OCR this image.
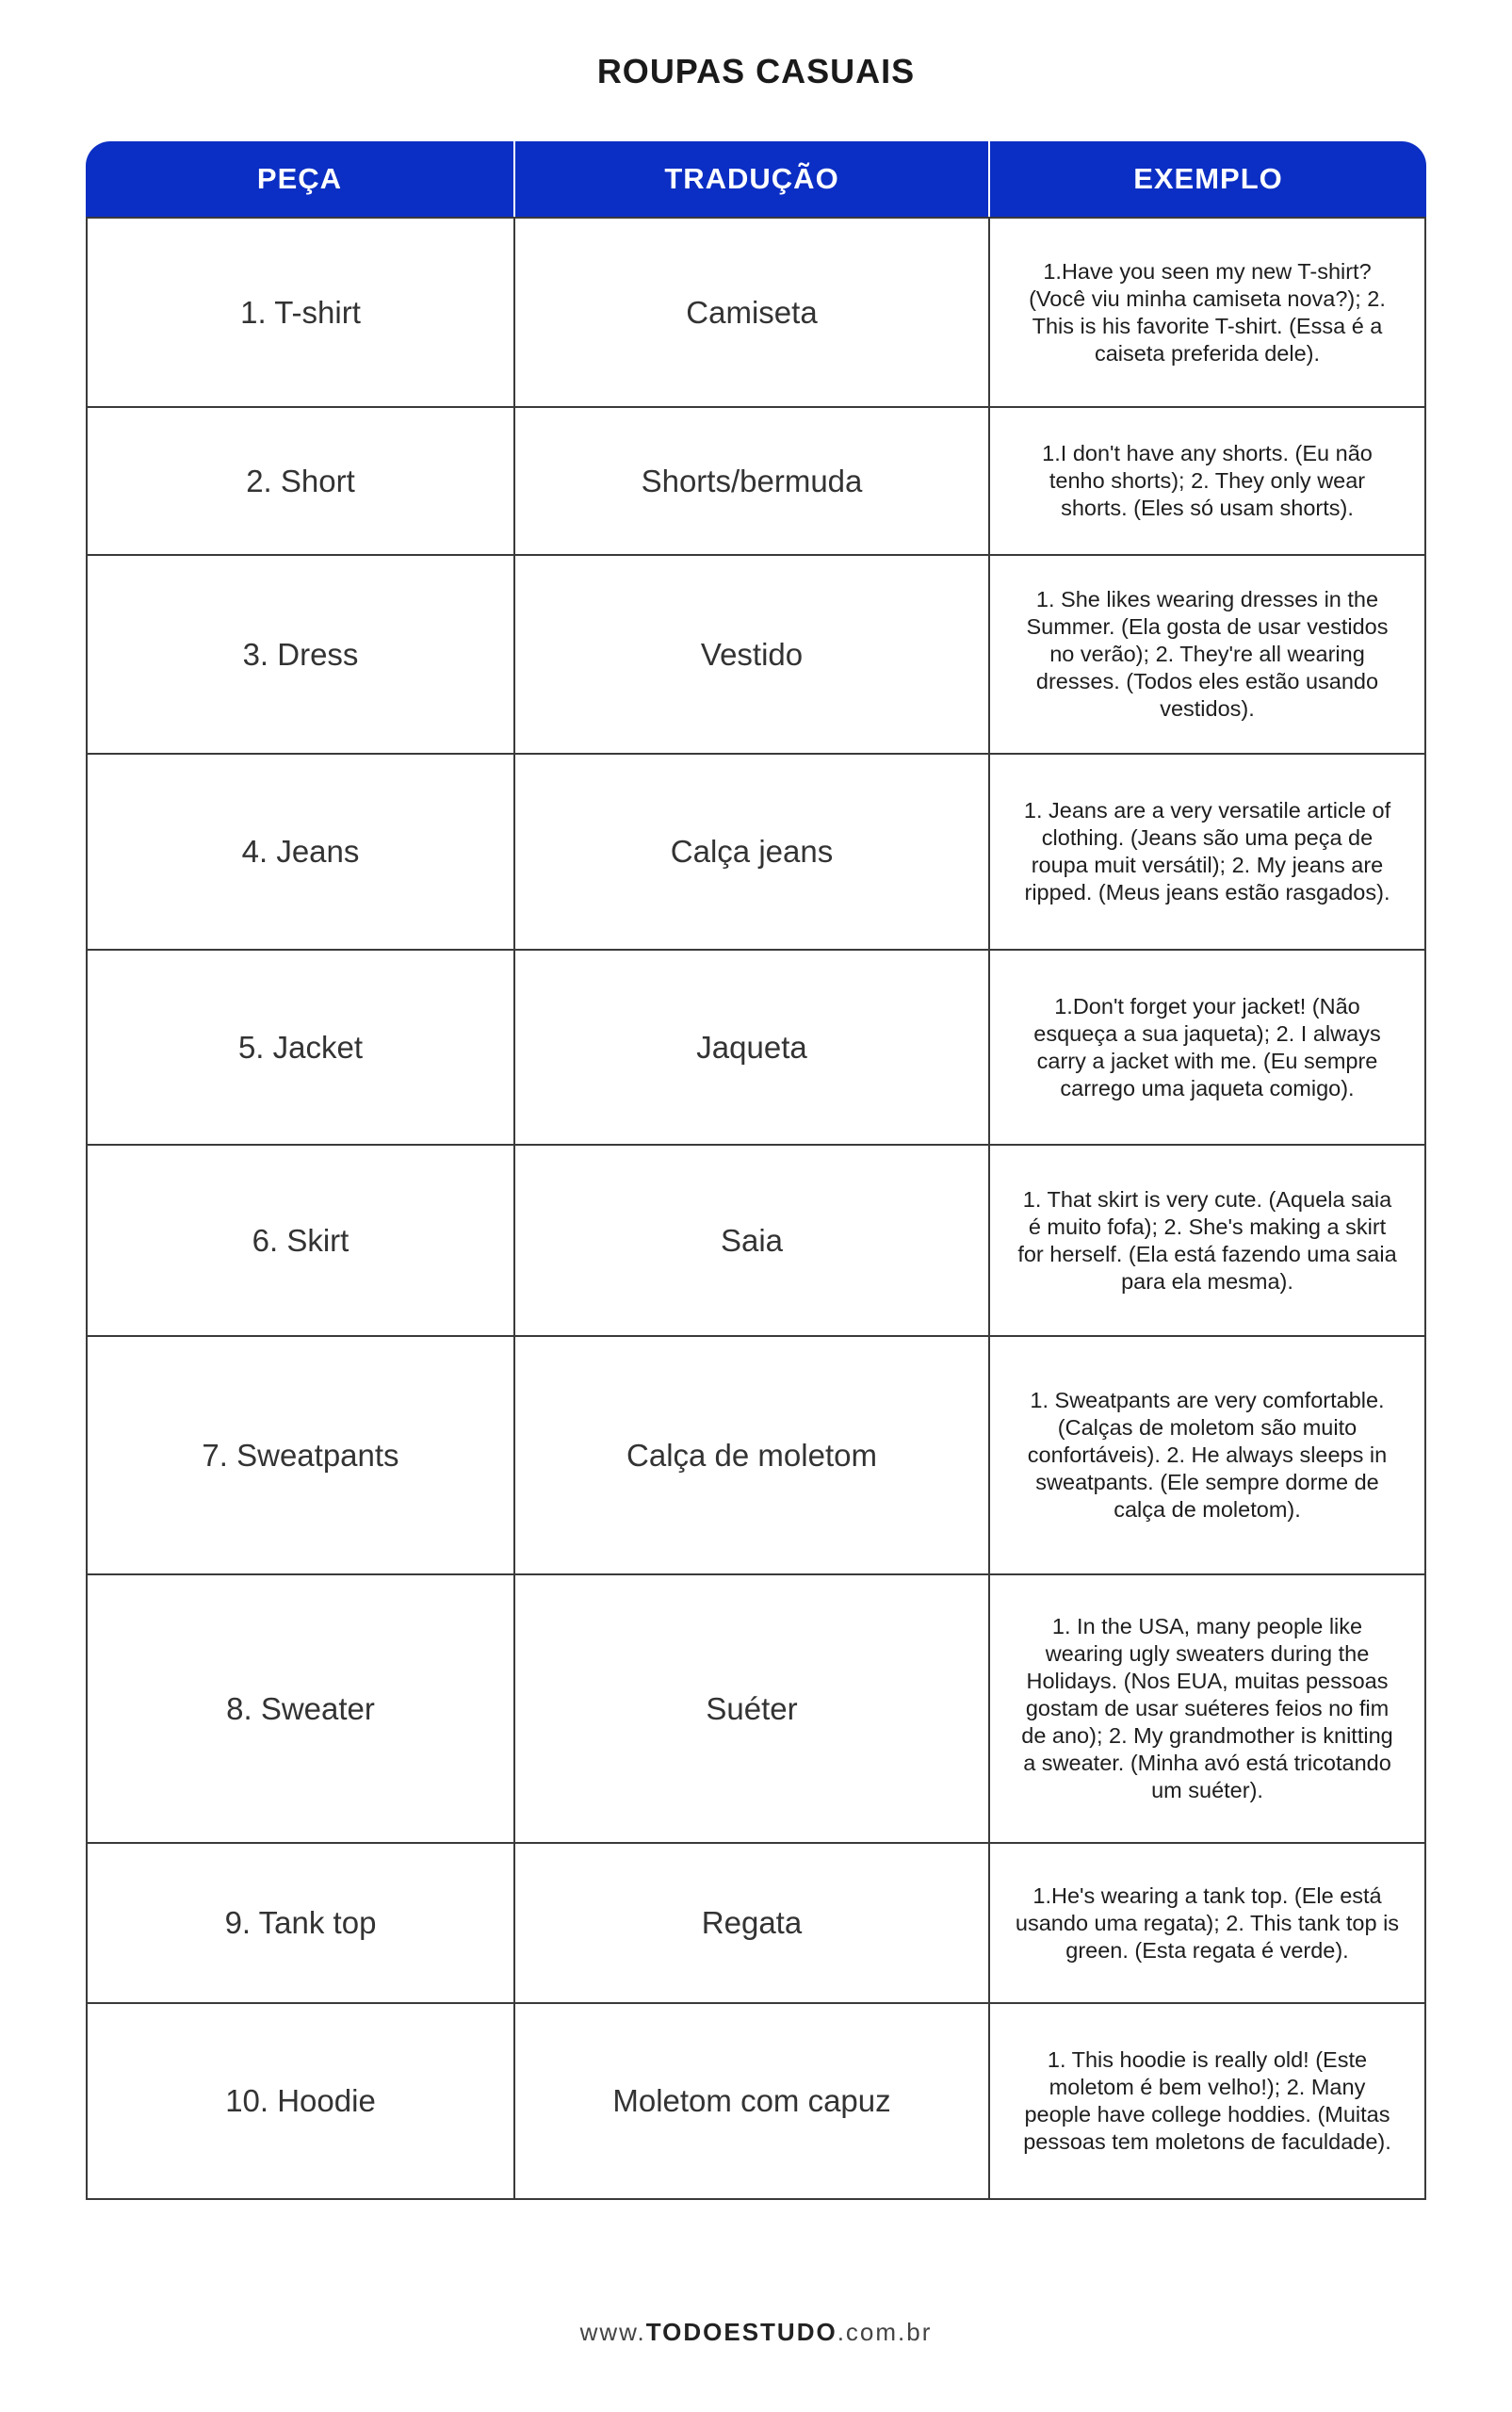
ROUPAS CASUAIS
PEÇA	TRADUÇÃO	EXEMPLO
1. T-shirt	Camiseta	1.Have you seen my new T-shirt? (Você viu minha camiseta nova?); 2. This is his favorite T-shirt. (Essa é a caiseta preferida dele).
2. Short	Shorts/bermuda	1.I don't have any shorts. (Eu não tenho shorts); 2. They only wear shorts. (Eles só usam shorts).
3. Dress	Vestido	1. She likes wearing dresses in the Summer. (Ela gosta de usar vestidos no verão); 2. They're all wearing dresses. (Todos eles estão usando vestidos).
4. Jeans	Calça jeans	1. Jeans are a very versatile article of clothing. (Jeans são uma peça de roupa muit versátil); 2. My jeans are ripped. (Meus jeans estão rasgados).
5. Jacket	Jaqueta	1.Don't forget your jacket! (Não esqueça a sua jaqueta); 2. I always carry a jacket with me. (Eu sempre carrego uma jaqueta comigo).
6. Skirt	Saia	1. That skirt is very cute. (Aquela saia é muito fofa); 2. She's making a skirt for herself. (Ela está fazendo uma saia para ela mesma).
7. Sweatpants	Calça de moletom	1. Sweatpants are very comfortable. (Calças de moletom são muito confortáveis). 2. He always sleeps in sweatpants. (Ele sempre dorme de calça de moletom).
8. Sweater	Suéter	1. In the USA, many people like wearing ugly sweaters during the Holidays. (Nos EUA, muitas pessoas gostam de usar suéteres feios no fim de ano); 2. My grandmother is knitting a sweater. (Minha avó está tricotando um suéter).
9. Tank top	Regata	1.He's wearing a tank top. (Ele está usando uma regata); 2. This tank top is green. (Esta regata é verde).
10. Hoodie	Moletom com capuz	1. This hoodie is really old! (Este moletom é bem velho!); 2. Many people have college hoddies. (Muitas pessoas tem moletons de faculdade).
www.TODOESTUDO.com.br
